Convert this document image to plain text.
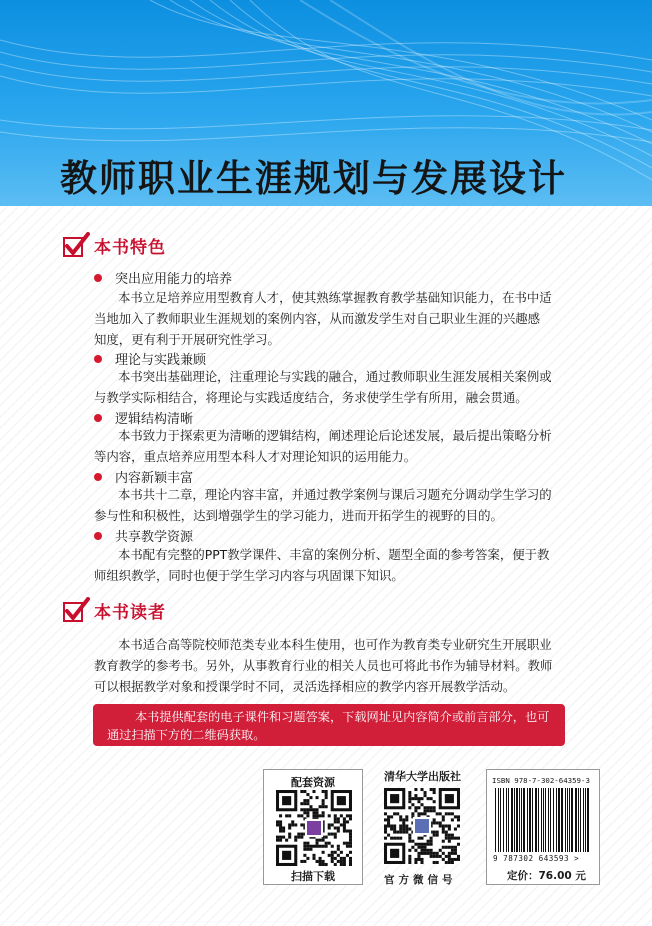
教师职业生涯规划与发展设计
本书特色
突出应用能力的培养
本书立足培养应用型教育人才，使其熟练掌握教育教学基础知识能力，在书中适
当地加入了教师职业生涯规划的案例内容，从而激发学生对自己职业生涯的兴趣感
知度，更有利于开展研究性学习。
理论与实践兼顾
本书突出基础理论，注重理论与实践的融合，通过教师职业生涯发展相关案例或
与教学实际相结合，将理论与实践适度结合，务求使学生学有所用，融会贯通。
逻辑结构清晰
本书致力于探索更为清晰的逻辑结构，阐述理论后论述发展，最后提出策略分析
等内容，重点培养应用型本科人才对理论知识的运用能力。
内容新颖丰富
本书共十二章，理论内容丰富，并通过教学案例与课后习题充分调动学生学习的
参与性和积极性，达到增强学生的学习能力，进而开拓学生的视野的目的。
共享教学资源
本书配有完整的PPT教学课件、丰富的案例分析、题型全面的参考答案，便于教
师组织教学，同时也便于学生学习内容与巩固课下知识。
本书读者
本书适合高等院校师范类专业本科生使用，也可作为教育类专业研究生开展职业
教育教学的参考书。另外，从事教育行业的相关人员也可将此书作为辅导材料。教师
可以根据教学对象和授课学时不同，灵活选择相应的教学内容开展教学活动。
本书提供配套的电子课件和习题答案，下载网址见内容简介或前言部分，也可
通过扫描下方的二维码获取。
配套资源
扫描下载
清华大学出版社
官方微信号
ISBN 978-7-302-64359-3
9 787302 643593 >
定价：76.00 元
